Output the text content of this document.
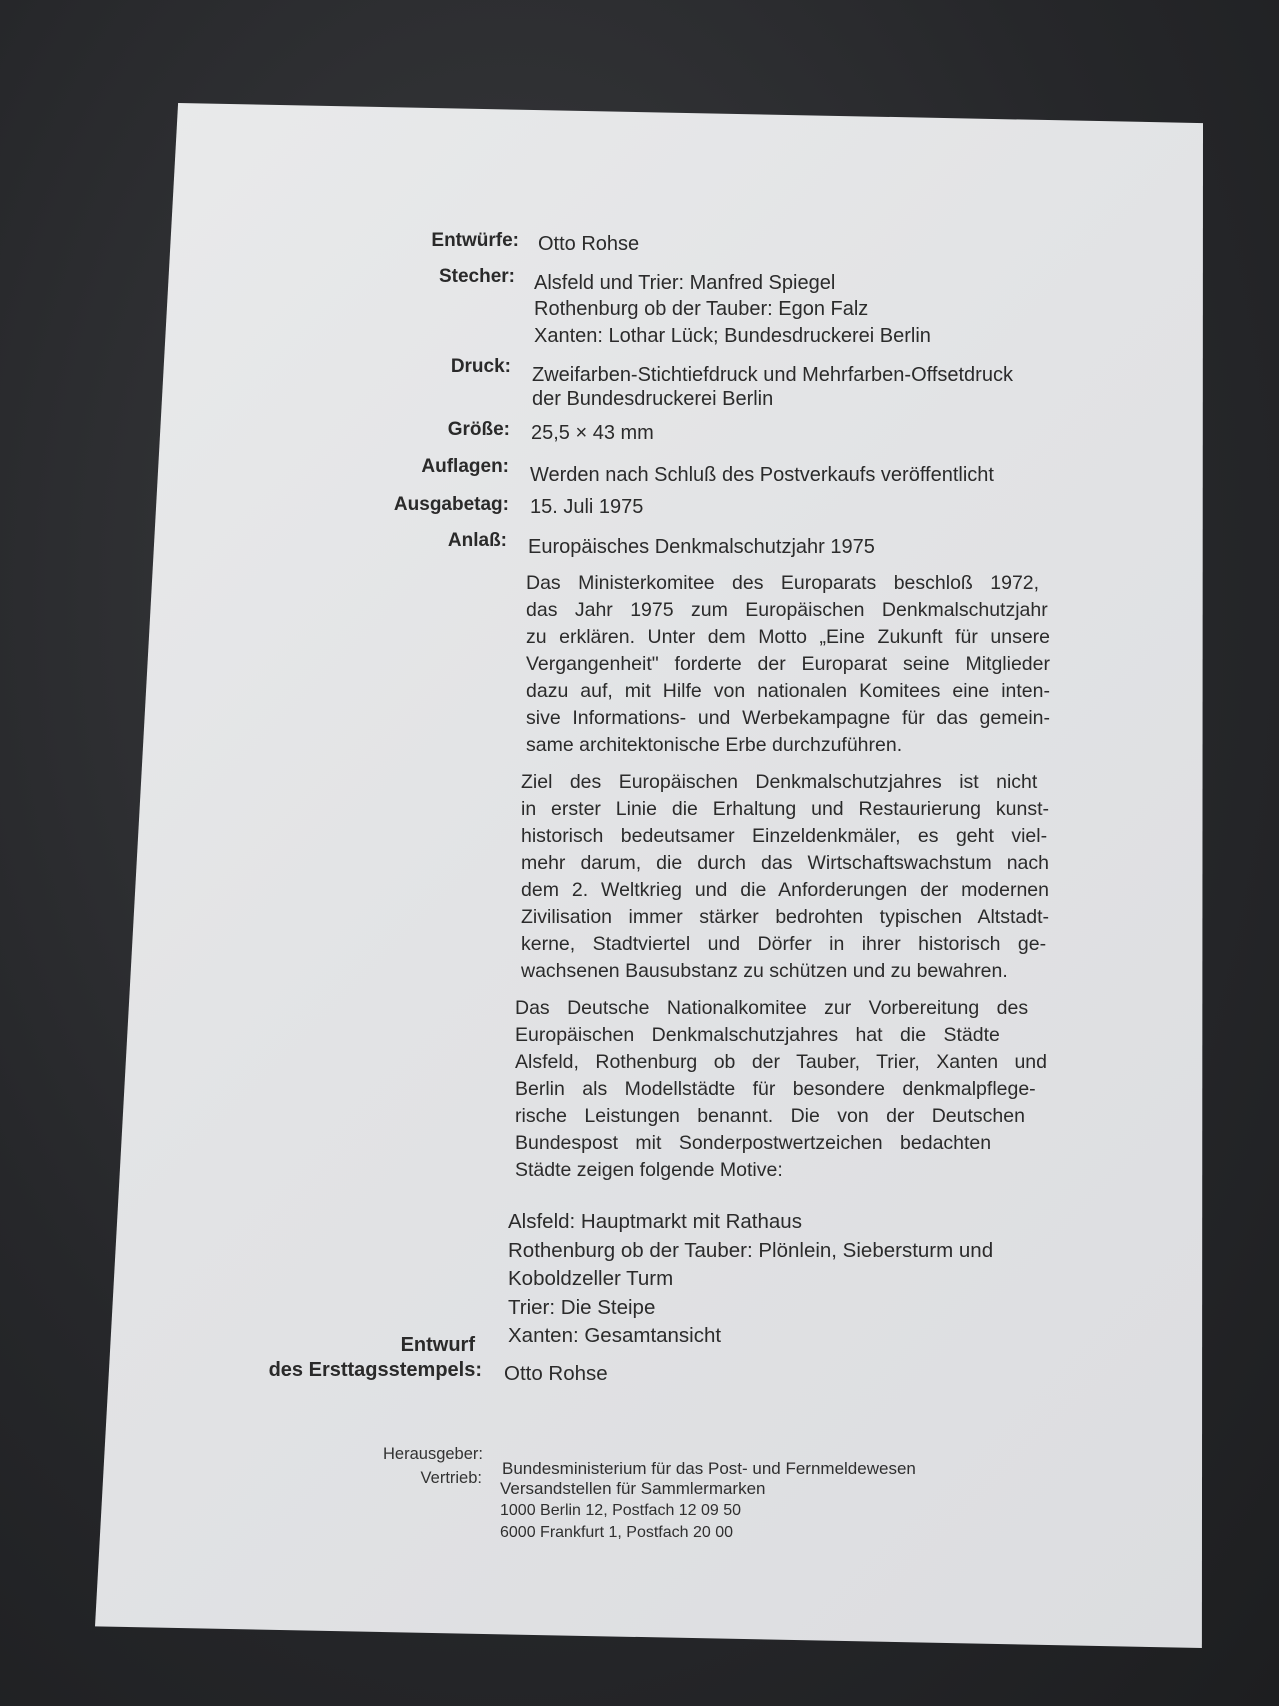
Entwürfe: Otto Rohse
Stecher: Alsfeld und Trier: Manfred Spiegel
Rothenburg ob der Tauber: Egon Falz
Xanten: Lothar Lück; Bundesdruckerei Berlin
Druck: Zweifarben-Stichtiefdruck und Mehrfarben-Offsetdruck
der Bundesdruckerei Berlin
Größe: 25,5 × 43 mm
Auflagen: Werden nach Schluß des Postverkaufs veröffentlicht
Ausgabetag: 15. Juli 1975
Anlaß: Europäisches Denkmalschutzjahr 1975
Das Ministerkomitee des Europarats beschloß 1972,
das Jahr 1975 zum Europäischen Denkmalschutzjahr
zu erklären. Unter dem Motto „Eine Zukunft für unsere
Vergangenheit" forderte der Europarat seine Mitglieder
dazu auf, mit Hilfe von nationalen Komitees eine inten-
sive Informations- und Werbekampagne für das gemein-
same architektonische Erbe durchzuführen.
Ziel des Europäischen Denkmalschutzjahres ist nicht
in erster Linie die Erhaltung und Restaurierung kunst-
historisch bedeutsamer Einzeldenkmäler, es geht viel-
mehr darum, die durch das Wirtschaftswachstum nach
dem 2. Weltkrieg und die Anforderungen der modernen
Zivilisation immer stärker bedrohten typischen Altstadt-
kerne, Stadtviertel und Dörfer in ihrer historisch ge-
wachsenen Bausubstanz zu schützen und zu bewahren.
Das Deutsche Nationalkomitee zur Vorbereitung des
Europäischen Denkmalschutzjahres hat die Städte
Alsfeld, Rothenburg ob der Tauber, Trier, Xanten und
Berlin als Modellstädte für besondere denkmalpflege-
rische Leistungen benannt. Die von der Deutschen
Bundespost mit Sonderpostwertzeichen bedachten
Städte zeigen folgende Motive:
Alsfeld: Hauptmarkt mit Rathaus
Rothenburg ob der Tauber: Plönlein, Siebersturm und
Koboldzeller Turm
Trier: Die Steipe
Xanten: Gesamtansicht
Entwurf
des Ersttagsstempels: Otto Rohse
Herausgeber:
Bundesministerium für das Post- und Fernmeldewesen
Vertrieb:
Versandstellen für Sammlermarken
1000 Berlin 12, Postfach 12 09 50
6000 Frankfurt 1, Postfach 20 00
